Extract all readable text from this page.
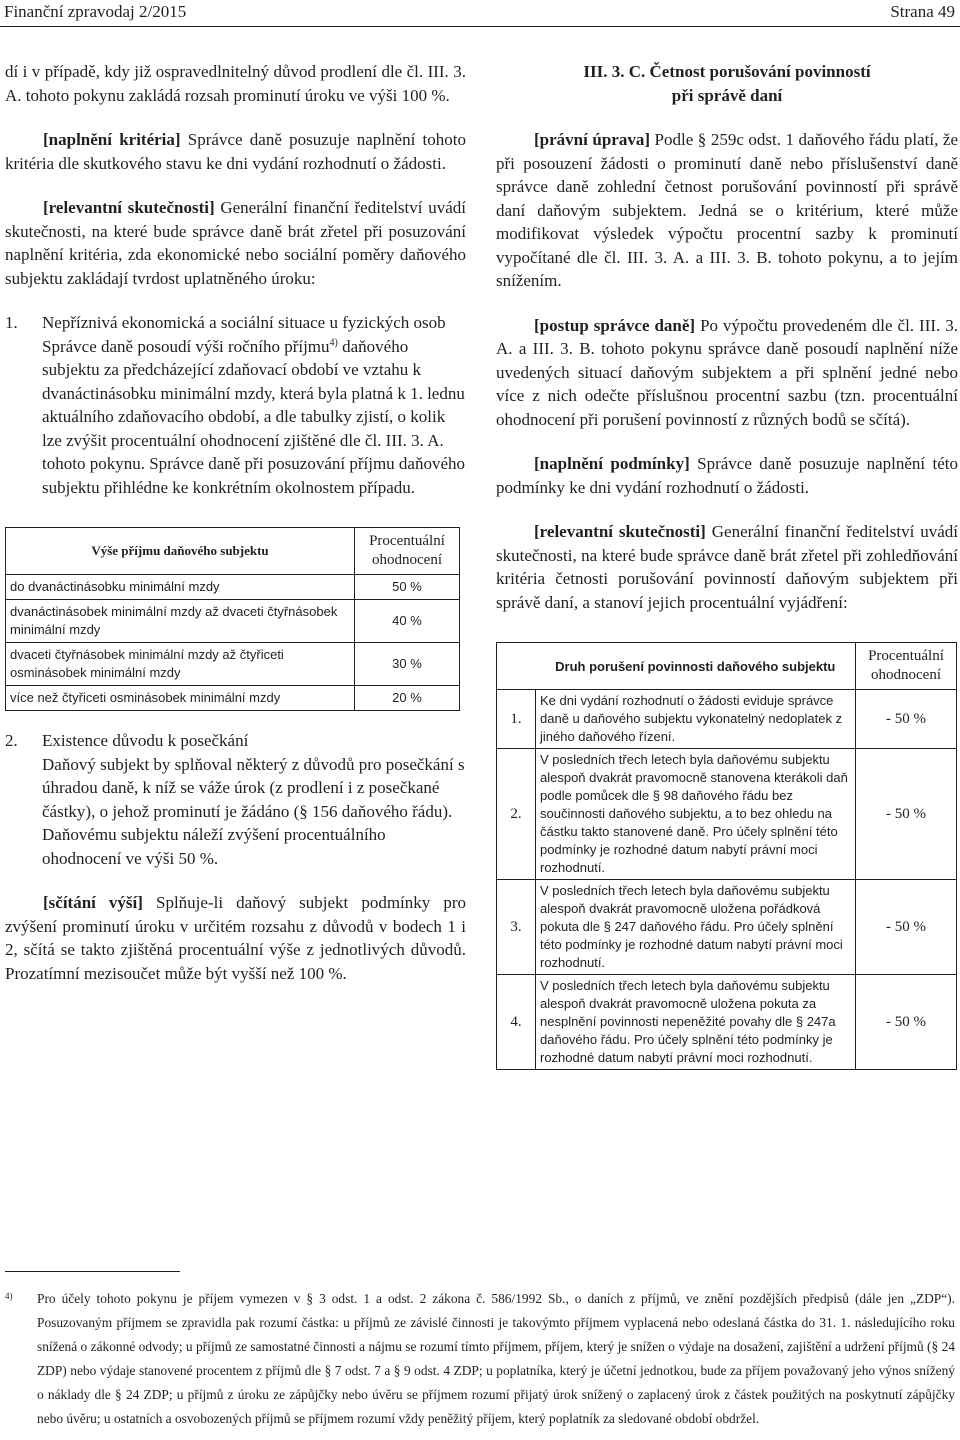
Finanční zpravodaj 2/2015	Strana 49

dí i v případě, kdy již ospravedlnitelný důvod prodlení dle čl. III. 3. A. tohoto pokynu zakládá rozsah prominutí úroku ve výši 100 %.

[naplnění kritéria] Správce daně posuzuje naplnění tohoto kritéria dle skutkového stavu ke dni vydání rozhodnutí o žádosti.

[relevantní skutečnosti] Generální finanční ředitelství uvádí skutečnosti, na které bude správce daně brát zřetel při posuzování naplnění kritéria, zda ekonomické nebo sociální poměry daňového subjektu zakládají tvrdost uplatněného úroku:

1. Nepříznivá ekonomická a sociální situace u fyzických osob

Správce daně posoudí výši ročního příjmu$^{4)}$ daňového subjektu za předcházející zdaňovací období ve vztahu k dvanáctinásobku minimální mzdy, která byla platná k 1. lednu aktuálního zdaňovacího období, a dle tabulky zjistí, o kolik lze zvýšit procentuální ohodnocení zjištěné dle čl. III. 3. A. tohoto pokynu. Správce daně při posuzování příjmu daňového subjektu přihlédne ke konkrétním okolnostem případu.

Výše příjmu daňového subjektu	Procentuální ohodnocení
do dvanáctinásobku minimální mzdy	50 %
dvanáctinásobek minimální mzdy až dvaceti čtyřnásobek minimální mzdy	40 %
dvaceti čtyřnásobek minimální mzdy až čtyřiceti osminásobek minimální mzdy	30 %
více než čtyřiceti osminásobek minimální mzdy	20 %
2. Existence důvodu k posečkání

Daňový subjekt by splňoval některý z důvodů pro posečkání s úhradou daně, k níž se váže úrok (z prodlení i z posečkané částky), o jehož prominutí je žádáno (§ 156 daňového řádu). Daňovému subjektu náleží zvýšení procentuálního ohodnocení ve výši 50 %.

[sčítání výší] Splňuje-li daňový subjekt podmínky pro zvýšení prominutí úroku v určitém rozsahu z důvodů v bodech 1 i 2, sčítá se takto zjištěná procentuální výše z jednotlivých důvodů. Prozatímní mezisoučet může být vyšší než 100 %.

III. 3. C. Četnost porušování povinností

při správě daní

[právní úprava] Podle § 259c odst. 1 daňového řádu platí, že při posouzení žádosti o prominutí daně nebo příslušenství daně správce daně zohlední četnost porušování povinností při správě daní daňovým subjektem. Jedná se o kritérium, které může modifikovat výsledek výpočtu procentní sazby k prominutí vypočítané dle čl. III. 3. A. a III. 3. B. tohoto pokynu, a to jejím snížením.

[postup správce daně] Po výpočtu provedeném dle čl. III. 3. A. a III. 3. B. tohoto pokynu správce daně posoudí naplnění níže uvedených situací daňovým subjektem a při splnění jedné nebo více z nich odečte příslušnou procentní sazbu (tzn. procentuální ohodnocení při porušení povinností z různých bodů se sčítá).

[naplnění podmínky] Správce daně posuzuje naplnění této podmínky ke dni vydání rozhodnutí o žádosti.

[relevantní skutečnosti] Generální finanční ředitelství uvádí skutečnosti, na které bude správce daně brát zřetel při zohledňování kritéria četnosti porušování povinností daňovým subjektem při správě daní, a stanoví jejich procentuální vyjádření:

	Druh porušení povinnosti daňového subjektu	Procentuální ohodnocení
1.	Ke dni vydání rozhodnutí o žádosti eviduje správce daně u daňového subjektu vykonatelný nedoplatek z jiného daňového řízení.	- 50 %
2.	V posledních třech letech byla daňovému subjektu alespoň dvakrát pravomocně stanovena kterákoli daň podle pomůcek dle § 98 daňového řádu bez součinnosti daňového subjektu, a to bez ohledu na částku takto stanovené daně. Pro účely splnění této podmínky je rozhodné datum nabytí právní moci rozhodnutí.	- 50 %
3.	V posledních třech letech byla daňovému subjektu alespoň dvakrát pravomocně uložena pořádková pokuta dle § 247 daňového řádu. Pro účely splnění této podmínky je rozhodné datum nabytí právní moci rozhodnutí.	- 50 %
4.	V posledních třech letech byla daňovému subjektu alespoň dvakrát pravomocně uložena pokuta za nesplnění povinnosti nepeněžité povahy dle § 247a daňového řádu. Pro účely splnění této podmínky je rozhodné datum nabytí právní moci rozhodnutí.	- 50 %
4) Pro účely tohoto pokynu je příjem vymezen v § 3 odst. 1 a odst. 2 zákona č. 586/1992 Sb., o daních z příjmů, ve znění pozdějších předpisů (dále jen „ZDP“). Posuzovaným příjmem se zpravidla pak rozumí částka: u příjmů ze závislé činnosti je takovýmto příjmem vyplacená nebo odeslaná částka do 31. 1. následujícího roku snížená o zákonné odvody; u příjmů ze samostatné činnosti a nájmu se rozumí tímto příjmem, příjem, který je snížen o výdaje na dosažení, zajištění a udržení příjmů (§ 24 ZDP) nebo výdaje stanovené procentem z příjmů dle § 7 odst. 7 a § 9 odst. 4 ZDP; u poplatníka, který je účetní jednotkou, bude za příjem považovaný jeho výnos snížený o náklady dle § 24 ZDP; u příjmů z úroku ze zápůjčky nebo úvěru se příjmem rozumí přijatý úrok snížený o zaplacený úrok z částek použitých na poskytnutí zápůjčky nebo úvěru; u ostatních a osvobozených příjmů se příjmem rozumí vždy peněžitý příjem, který poplatník za sledované období obdržel.
